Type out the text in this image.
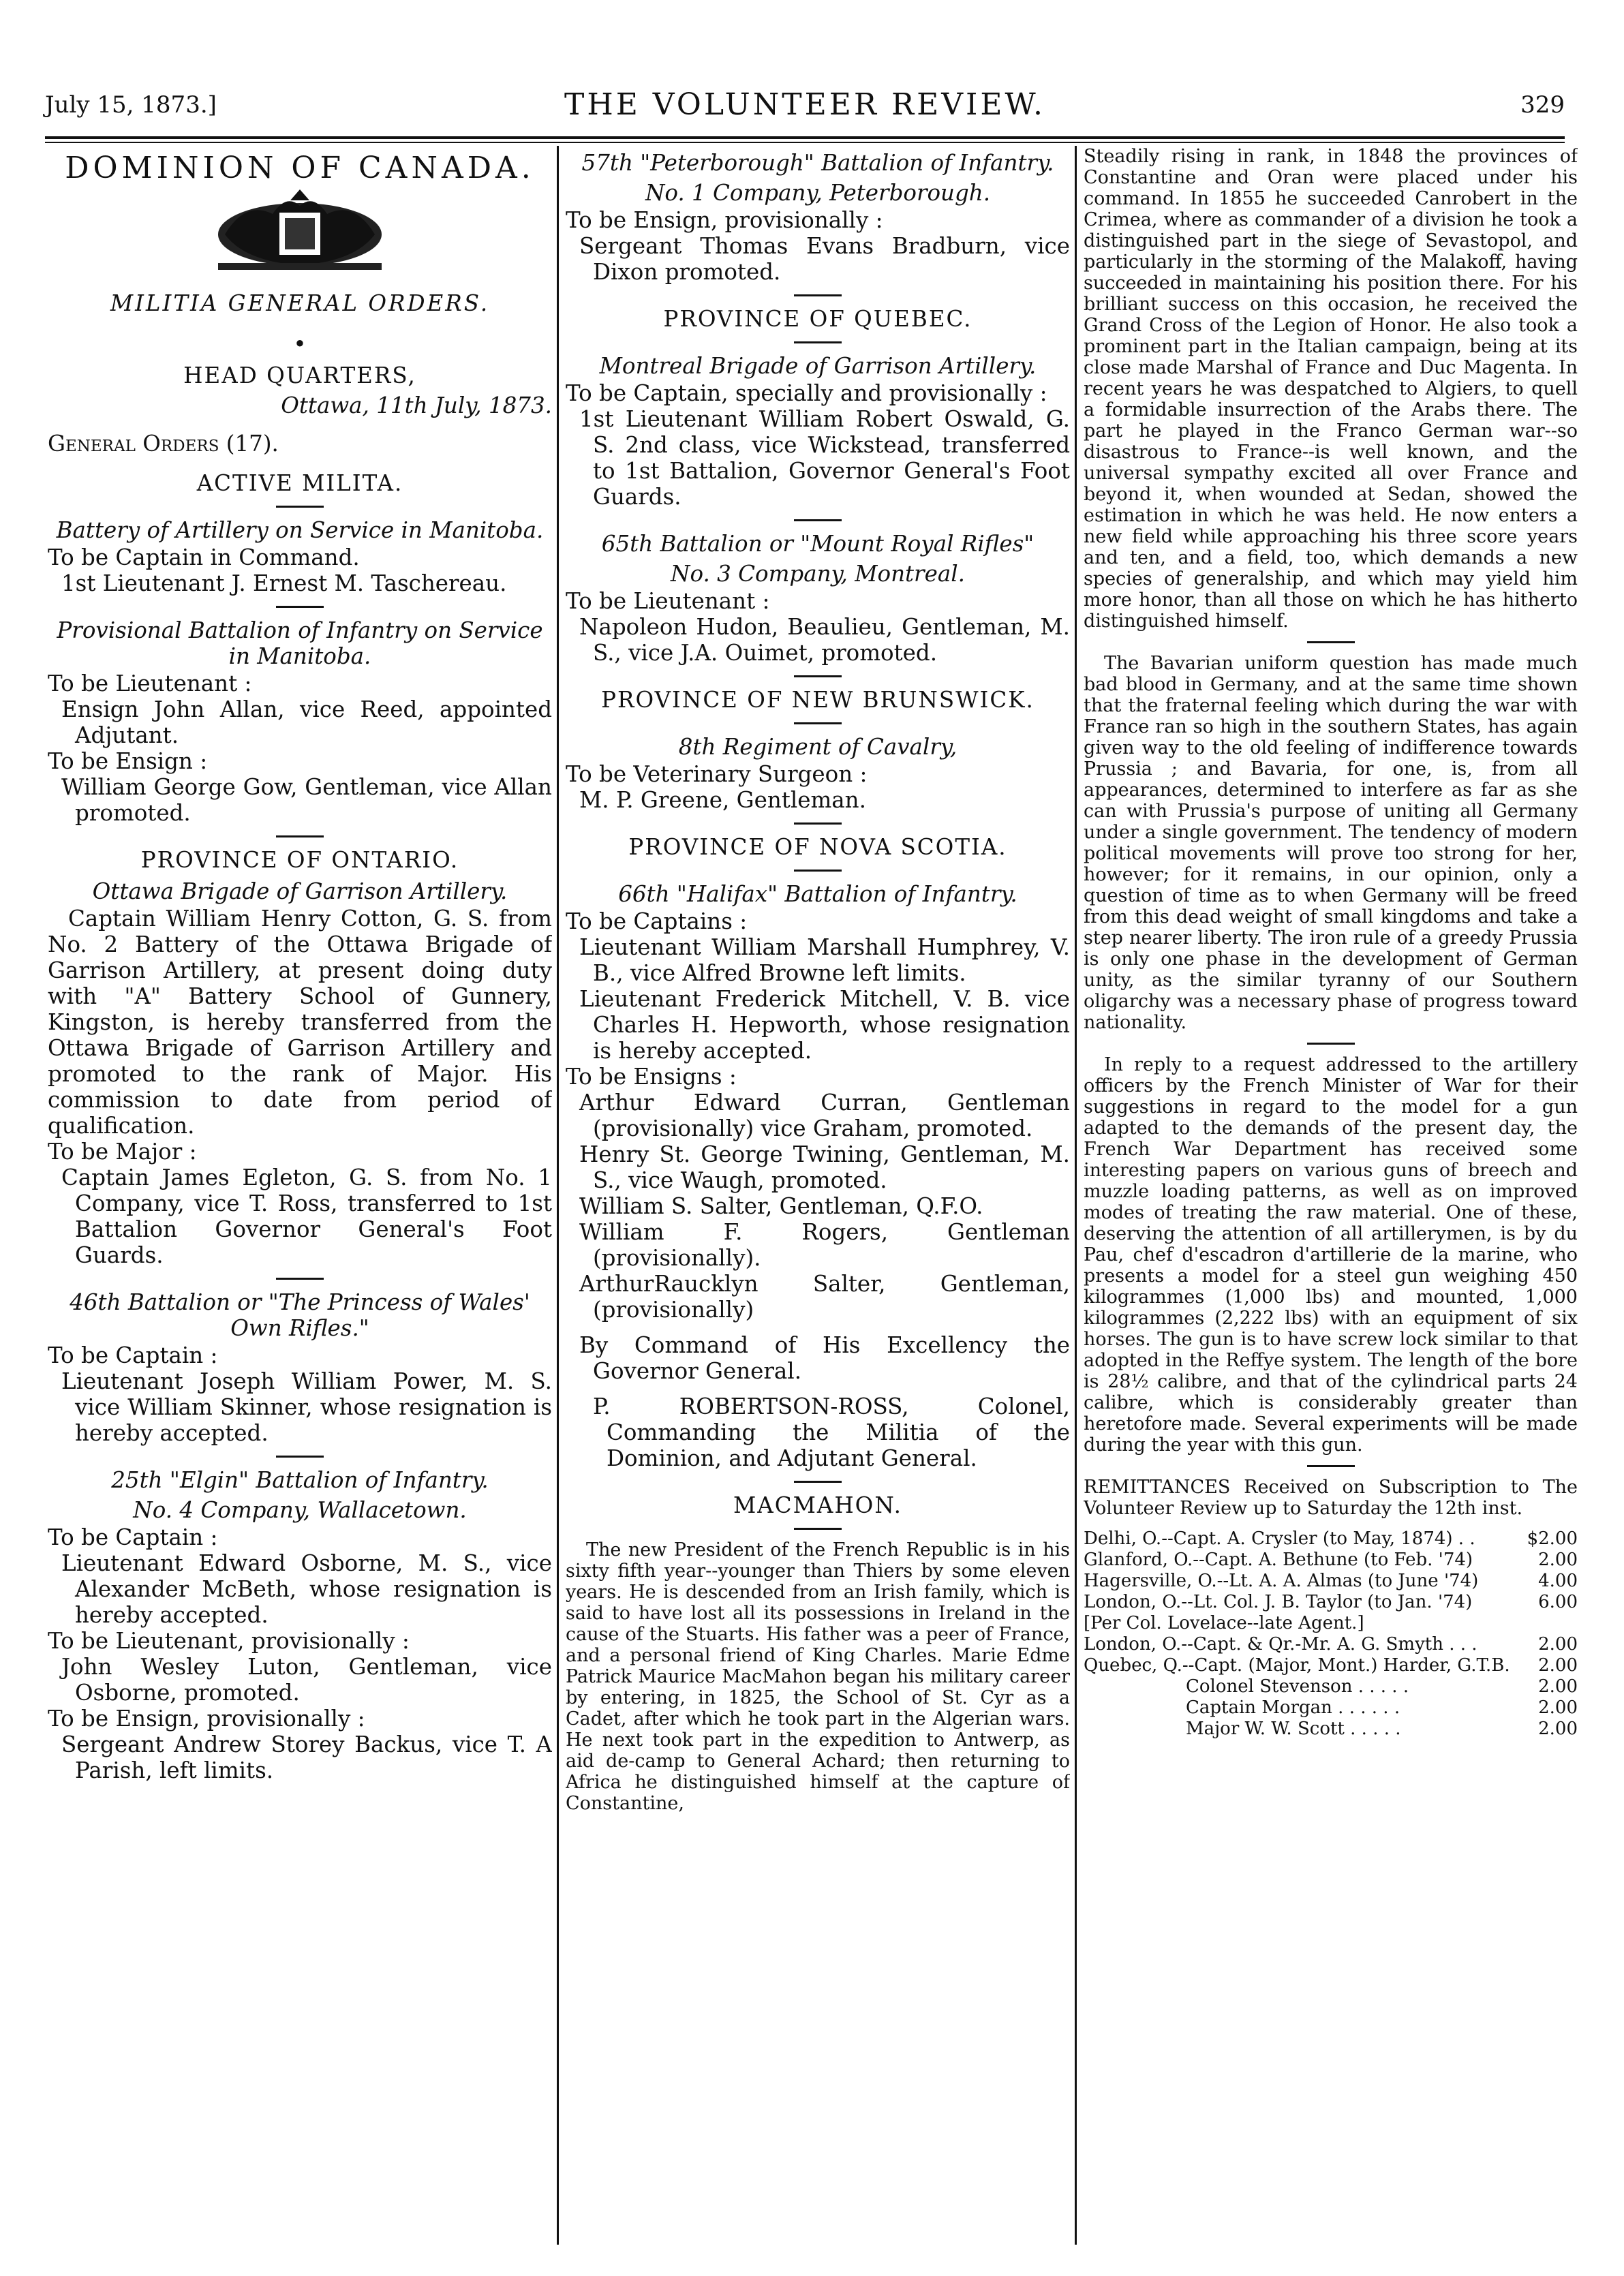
July 15, 1873.]	THE VOLUNTEER REVIEW.	329
DOMINION OF CANADA.
MILITIA GENERAL ORDERS.
•
HEAD QUARTERS,
Ottawa, 11th July, 1873.
General Orders (17).
ACTIVE MILITA.
Battery of Artillery on Service in Manitoba.
To be Captain in Command.
1st Lieutenant J. Ernest M. Taschereau.
Provisional Battalion of Infantry on Service in Manitoba.
To be Lieutenant :
Ensign John Allan, vice Reed, appointed Adjutant.
To be Ensign :
William George Gow, Gentleman, vice Allan promoted.
PROVINCE OF ONTARIO.
Ottawa Brigade of Garrison Artillery.
Captain William Henry Cotton, G. S. from No. 2 Battery of the Ottawa Brigade of Garrison Artillery, at present doing duty with "A" Battery School of Gunnery, Kingston, is hereby transferred from the Ottawa Brigade of Garrison Artillery and promoted to the rank of Major. His commission to date from period of qualification.
To be Major :
Captain James Egleton, G. S. from No. 1 Company, vice T. Ross, transferred to 1st Battalion Governor General's Foot Guards.
46th Battalion or "The Princess of Wales' Own Rifles."
To be Captain :
Lieutenant Joseph William Power, M. S. vice William Skinner, whose resignation is hereby accepted.
25th "Elgin" Battalion of Infantry.
No. 4 Company, Wallacetown.
To be Captain :
Lieutenant Edward Osborne, M. S., vice Alexander McBeth, whose resignation is hereby accepted.
To be Lieutenant, provisionally :
John Wesley Luton, Gentleman, vice Osborne, promoted.
To be Ensign, provisionally :
Sergeant Andrew Storey Backus, vice T. A Parish, left limits.
57th "Peterborough" Battalion of Infantry.
No. 1 Company, Peterborough.
To be Ensign, provisionally :
Sergeant Thomas Evans Bradburn, vice Dixon promoted.
PROVINCE OF QUEBEC.
Montreal Brigade of Garrison Artillery.
To be Captain, specially and provisionally :
1st Lieutenant William Robert Oswald, G. S. 2nd class, vice Wickstead, transferred to 1st Battalion, Governor General's Foot Guards.
65th Battalion or "Mount Royal Rifles"
No. 3 Company, Montreal.
To be Lieutenant :
Napoleon Hudon, Beaulieu, Gentleman, M. S., vice J.A. Ouimet, promoted.
PROVINCE OF NEW BRUNSWICK.
8th Regiment of Cavalry,
To be Veterinary Surgeon :
M. P. Greene, Gentleman.
PROVINCE OF NOVA SCOTIA.
66th "Halifax" Battalion of Infantry.
To be Captains :
Lieutenant William Marshall Humphrey, V. B., vice Alfred Browne left limits.
Lieutenant Frederick Mitchell, V. B. vice Charles H. Hepworth, whose resignation is hereby accepted.
To be Ensigns :
Arthur Edward Curran, Gentleman (provisionally) vice Graham, promoted.
Henry St. George Twining, Gentleman, M. S., vice Waugh, promoted.
William S. Salter, Gentleman, Q.F.O.
William F. Rogers, Gentleman (provisionally).
ArthurRaucklyn Salter, Gentleman, (provisionally)
By Command of His Excellency the Governor General.
P. ROBERTSON-ROSS, Colonel, Commanding the Militia of the Dominion, and Adjutant General.
MACMAHON.
The new President of the French Republic is in his sixty fifth year--younger than Thiers by some eleven years. He is descended from an Irish family, which is said to have lost all its possessions in Ireland in the cause of the Stuarts. His father was a peer of France, and a personal friend of King Charles. Marie Edme Patrick Maurice MacMahon began his military career by entering, in 1825, the School of St. Cyr as a Cadet, after which he took part in the Algerian wars. He next took part in the expedition to Antwerp, as aid de-camp to General Achard; then returning to Africa he distinguished himself at the capture of Constantine,
Steadily rising in rank, in 1848 the provinces of Constantine and Oran were placed under his command. In 1855 he succeeded Canrobert in the Crimea, where as commander of a division he took a distinguished part in the siege of Sevastopol, and particularly in the storming of the Malakoff, having succeeded in maintaining his position there. For his brilliant success on this occasion, he received the Grand Cross of the Legion of Honor. He also took a prominent part in the Italian campaign, being at its close made Marshal of France and Duc Magenta. In recent years he was despatched to Algiers, to quell a formidable insurrection of the Arabs there. The part he played in the Franco German war--so disastrous to France--is well known, and the universal sympathy excited all over France and beyond it, when wounded at Sedan, showed the estimation in which he was held. He now enters a new field while approaching his three score years and ten, and a field, too, which demands a new species of generalship, and which may yield him more honor, than all those on which he has hitherto distinguished himself.
The Bavarian uniform question has made much bad blood in Germany, and at the same time shown that the fraternal feeling which during the war with France ran so high in the southern States, has again given way to the old feeling of indifference towards Prussia ; and Bavaria, for one, is, from all appearances, determined to interfere as far as she can with Prussia's purpose of uniting all Germany under a single government. The tendency of modern political movements will prove too strong for her, however; for it remains, in our opinion, only a question of time as to when Germany will be freed from this dead weight of small kingdoms and take a step nearer liberty. The iron rule of a greedy Prussia is only one phase in the development of German unity, as the similar tyranny of our Southern oligarchy was a necessary phase of progress toward nationality.
In reply to a request addressed to the artillery officers by the French Minister of War for their suggestions in regard to the model for a gun adapted to the demands of the present day, the French War Department has received some interesting papers on various guns of breech and muzzle loading patterns, as well as on improved modes of treating the raw material. One of these, deserving the attention of all artillerymen, is by du Pau, chef d'escadron d'artillerie de la marine, who presents a model for a steel gun weighing 450 kilogrammes (1,000 lbs) and mounted, 1,000 kilogrammes (2,222 lbs) with an equipment of six horses. The gun is to have screw lock similar to that adopted in the Reffye system. The length of the bore is 28½ calibre, and that of the cylindrical parts 24 calibre, which is considerably greater than heretofore made. Several experiments will be made during the year with this gun.
REMITTANCES Received on Subscription to The Volunteer Review up to Saturday the 12th inst.
Delhi, O.--Capt. A. Crysler (to May, 1874) . .	$2.00
Glanford, O.--Capt. A. Bethune (to Feb. '74)	2.00
Hagersville, O.--Lt. A. A. Almas (to June '74)	4.00
London, O.--Lt. Col. J. B. Taylor (to Jan. '74)	6.00
[Per Col. Lovelace--late Agent.]
London, O.--Capt. & Qr.-Mr. A. G. Smyth . . .	2.00
Quebec, Q.--Capt. (Major, Mont.) Harder, G.T.B.	2.00
Colonel Stevenson . . . . .	2.00
Captain Morgan . . . . . .	2.00
Major W. W. Scott . . . . .	2.00
